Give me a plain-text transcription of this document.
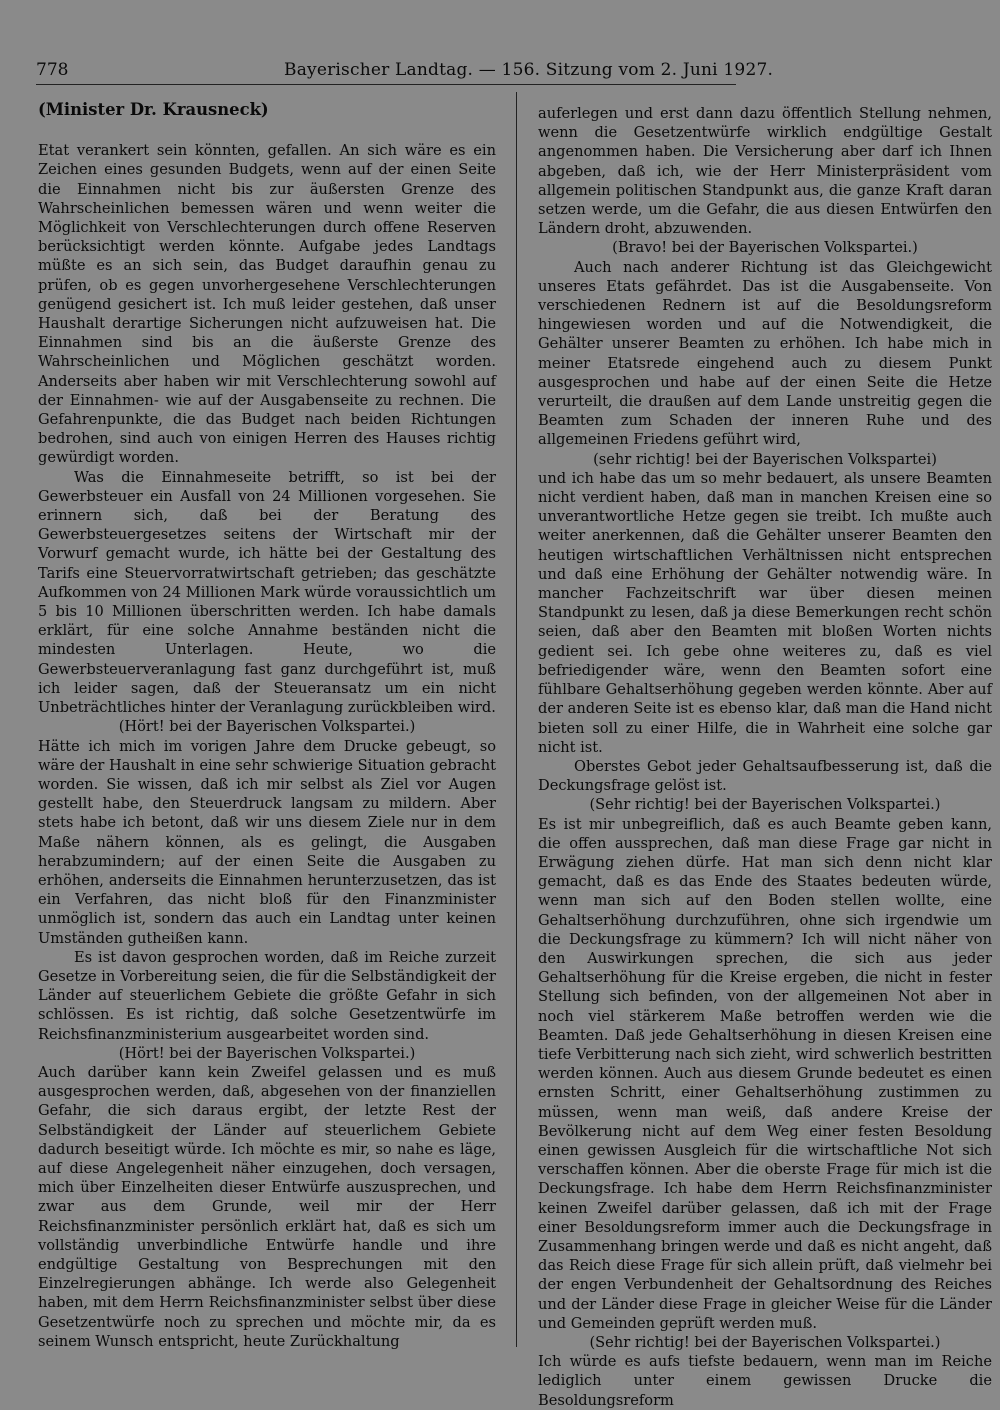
778	Bayerischer Landtag. — 156. Sitzung vom 2. Juni 1927.

(Minister Dr. Krausneck)

Etat verankert sein könnten, gefallen. An sich wäre es ein Zeichen eines gesunden Budgets, wenn auf der einen Seite die Einnahmen nicht bis zur äußersten Grenze des Wahrscheinlichen bemessen wären und wenn weiter die Möglichkeit von Verschlechterungen durch offene Reserven berücksichtigt werden könnte. Aufgabe jedes Landtags müßte es an sich sein, das Budget daraufhin genau zu prüfen, ob es gegen unvorhergesehene Verschlechterungen genügend gesichert ist. Ich muß leider gestehen, daß unser Haushalt derartige Sicherungen nicht aufzuweisen hat. Die Einnahmen sind bis an die äußerste Grenze des Wahrscheinlichen und Möglichen geschätzt worden. Anderseits aber haben wir mit Verschlechterung sowohl auf der Einnahmen- wie auf der Ausgabenseite zu rechnen. Die Gefahrenpunkte, die das Budget nach beiden Richtungen bedrohen, sind auch von einigen Herren des Hauses richtig gewürdigt worden.

Was die Einnahmeseite betrifft, so ist bei der Gewerbsteuer ein Ausfall von 24 Millionen vorgesehen. Sie erinnern sich, daß bei der Beratung des Gewerbsteuergesetzes seitens der Wirtschaft mir der Vorwurf gemacht wurde, ich hätte bei der Gestaltung des Tarifs eine Steuervorratwirtschaft getrieben; das geschätzte Aufkommen von 24 Millionen Mark würde voraussichtlich um 5 bis 10 Millionen überschritten werden. Ich habe damals erklärt, für eine solche Annahme beständen nicht die mindesten Unterlagen. Heute, wo die Gewerbsteuerveranlagung fast ganz durchgeführt ist, muß ich leider sagen, daß der Steueransatz um ein nicht Unbeträchtliches hinter der Veranlagung zurückbleiben wird.

(Hört! bei der Bayerischen Volkspartei.)

Hätte ich mich im vorigen Jahre dem Drucke gebeugt, so wäre der Haushalt in eine sehr schwierige Situation gebracht worden. Sie wissen, daß ich mir selbst als Ziel vor Augen gestellt habe, den Steuerdruck langsam zu mildern. Aber stets habe ich betont, daß wir uns diesem Ziele nur in dem Maße nähern können, als es gelingt, die Ausgaben herabzumindern; auf der einen Seite die Ausgaben zu erhöhen, anderseits die Einnahmen herunterzusetzen, das ist ein Verfahren, das nicht bloß für den Finanzminister unmöglich ist, sondern das auch ein Landtag unter keinen Umständen gutheißen kann.

Es ist davon gesprochen worden, daß im Reiche zurzeit Gesetze in Vorbereitung seien, die für die Selbständigkeit der Länder auf steuerlichem Gebiete die größte Gefahr in sich schlössen. Es ist richtig, daß solche Gesetzentwürfe im Reichsfinanzministerium ausgearbeitet worden sind.

(Hört! bei der Bayerischen Volkspartei.)

Auch darüber kann kein Zweifel gelassen und es muß ausgesprochen werden, daß, abgesehen von der finanziellen Gefahr, die sich daraus ergibt, der letzte Rest der Selbständigkeit der Länder auf steuerlichem Gebiete dadurch beseitigt würde. Ich möchte es mir, so nahe es läge, auf diese Angelegenheit näher einzugehen, doch versagen, mich über Einzelheiten dieser Entwürfe auszusprechen, und zwar aus dem Grunde, weil mir der Herr Reichsfinanzminister persönlich erklärt hat, daß es sich um vollständig unverbindliche Entwürfe handle und ihre endgültige Gestaltung von Besprechungen mit den Einzelregierungen abhänge. Ich werde also Gelegenheit haben, mit dem Herrn Reichsfinanzminister selbst über diese Gesetzentwürfe noch zu sprechen und möchte mir, da es seinem Wunsch entspricht, heute Zurückhaltung

auferlegen und erst dann dazu öffentlich Stellung nehmen, wenn die Gesetzentwürfe wirklich endgültige Gestalt angenommen haben. Die Versicherung aber darf ich Ihnen abgeben, daß ich, wie der Herr Ministerpräsident vom allgemein politischen Standpunkt aus, die ganze Kraft daran setzen werde, um die Gefahr, die aus diesen Entwürfen den Ländern droht, abzuwenden.

(Bravo! bei der Bayerischen Volkspartei.)

Auch nach anderer Richtung ist das Gleichgewicht unseres Etats gefährdet. Das ist die Ausgabenseite. Von verschiedenen Rednern ist auf die Besoldungsreform hingewiesen worden und auf die Notwendigkeit, die Gehälter unserer Beamten zu erhöhen. Ich habe mich in meiner Etatsrede eingehend auch zu diesem Punkt ausgesprochen und habe auf der einen Seite die Hetze verurteilt, die draußen auf dem Lande unstreitig gegen die Beamten zum Schaden der inneren Ruhe und des allgemeinen Friedens geführt wird,

(sehr richtig! bei der Bayerischen Volkspartei)

und ich habe das um so mehr bedauert, als unsere Beamten nicht verdient haben, daß man in manchen Kreisen eine so unverantwortliche Hetze gegen sie treibt. Ich mußte auch weiter anerkennen, daß die Gehälter unserer Beamten den heutigen wirtschaftlichen Verhältnissen nicht entsprechen und daß eine Erhöhung der Gehälter notwendig wäre. In mancher Fachzeitschrift war über diesen meinen Standpunkt zu lesen, daß ja diese Bemerkungen recht schön seien, daß aber den Beamten mit bloßen Worten nichts gedient sei. Ich gebe ohne weiteres zu, daß es viel befriedigender wäre, wenn den Beamten sofort eine fühlbare Gehaltserhöhung gegeben werden könnte. Aber auf der anderen Seite ist es ebenso klar, daß man die Hand nicht bieten soll zu einer Hilfe, die in Wahrheit eine solche gar nicht ist.

Oberstes Gebot jeder Gehaltsaufbesserung ist, daß die Deckungsfrage gelöst ist.

(Sehr richtig! bei der Bayerischen Volkspartei.)

Es ist mir unbegreiflich, daß es auch Beamte geben kann, die offen aussprechen, daß man diese Frage gar nicht in Erwägung ziehen dürfe. Hat man sich denn nicht klar gemacht, daß es das Ende des Staates bedeuten würde, wenn man sich auf den Boden stellen wollte, eine Gehaltserhöhung durchzuführen, ohne sich irgendwie um die Deckungsfrage zu kümmern? Ich will nicht näher von den Auswirkungen sprechen, die sich aus jeder Gehaltserhöhung für die Kreise ergeben, die nicht in fester Stellung sich befinden, von der allgemeinen Not aber in noch viel stärkerem Maße betroffen werden wie die Beamten. Daß jede Gehaltserhöhung in diesen Kreisen eine tiefe Verbitterung nach sich zieht, wird schwerlich bestritten werden können. Auch aus diesem Grunde bedeutet es einen ernsten Schritt, einer Gehaltserhöhung zustimmen zu müssen, wenn man weiß, daß andere Kreise der Bevölkerung nicht auf dem Weg einer festen Besoldung einen gewissen Ausgleich für die wirtschaftliche Not sich verschaffen können. Aber die oberste Frage für mich ist die Deckungsfrage. Ich habe dem Herrn Reichsfinanzminister keinen Zweifel darüber gelassen, daß ich mit der Frage einer Besoldungsreform immer auch die Deckungsfrage in Zusammenhang bringen werde und daß es nicht angeht, daß das Reich diese Frage für sich allein prüft, daß vielmehr bei der engen Verbundenheit der Gehaltsordnung des Reiches und der Länder diese Frage in gleicher Weise für die Länder und Gemeinden geprüft werden muß.

(Sehr richtig! bei der Bayerischen Volkspartei.)

Ich würde es aufs tiefste bedauern, wenn man im Reiche lediglich unter einem gewissen Drucke die Besoldungsreform
